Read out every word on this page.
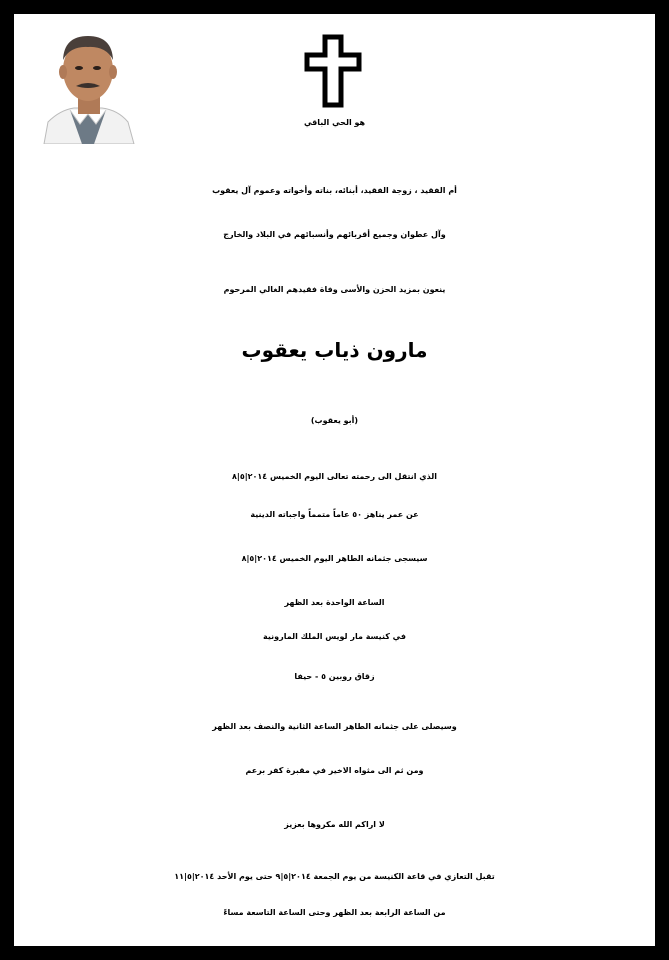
هو الحي الباقي
أم الفقيد ، زوجة الفقيد، أبنائه، بناته وأخواته وعموم آل يعقوب
وآل عطوان وجميع أقربائهم وأنسبائهم في البلاد والخارج
ينعون بمزيد الحزن والأسى وفاة فقيدهم الغالي المرحوم
مارون ذياب يعقوب
(أبو يعقوب)
الذي انتقل الى رحمته تعالى اليوم الخميس ٢٠١٤|٥|٨
عن عمر يناهز ٥٠ عاماً متمماً واجباته الدينية
سيسجى جثمانه الطاهر اليوم الخميس ٢٠١٤|٥|٨
الساعة الواحدة بعد الظهر
في كنيسة مار لويس الملك المارونية
زقاق روبين ٥ - حيفا
وسيصلى على جثمانه الطاهر الساعة الثانية والنصف بعد الظهر
ومن ثم الى مثواه الاخير في مقبرة كفر برعم
لا اراكم الله مكروها بعزيز
تقبل التعازي في قاعة الكنيسة من يوم الجمعة ٢٠١٤|٥|٩ حتى يوم الأحد ٢٠١٤|٥|١١
من الساعة الرابعة بعد الظهر وحتى الساعة التاسعة مساءً
